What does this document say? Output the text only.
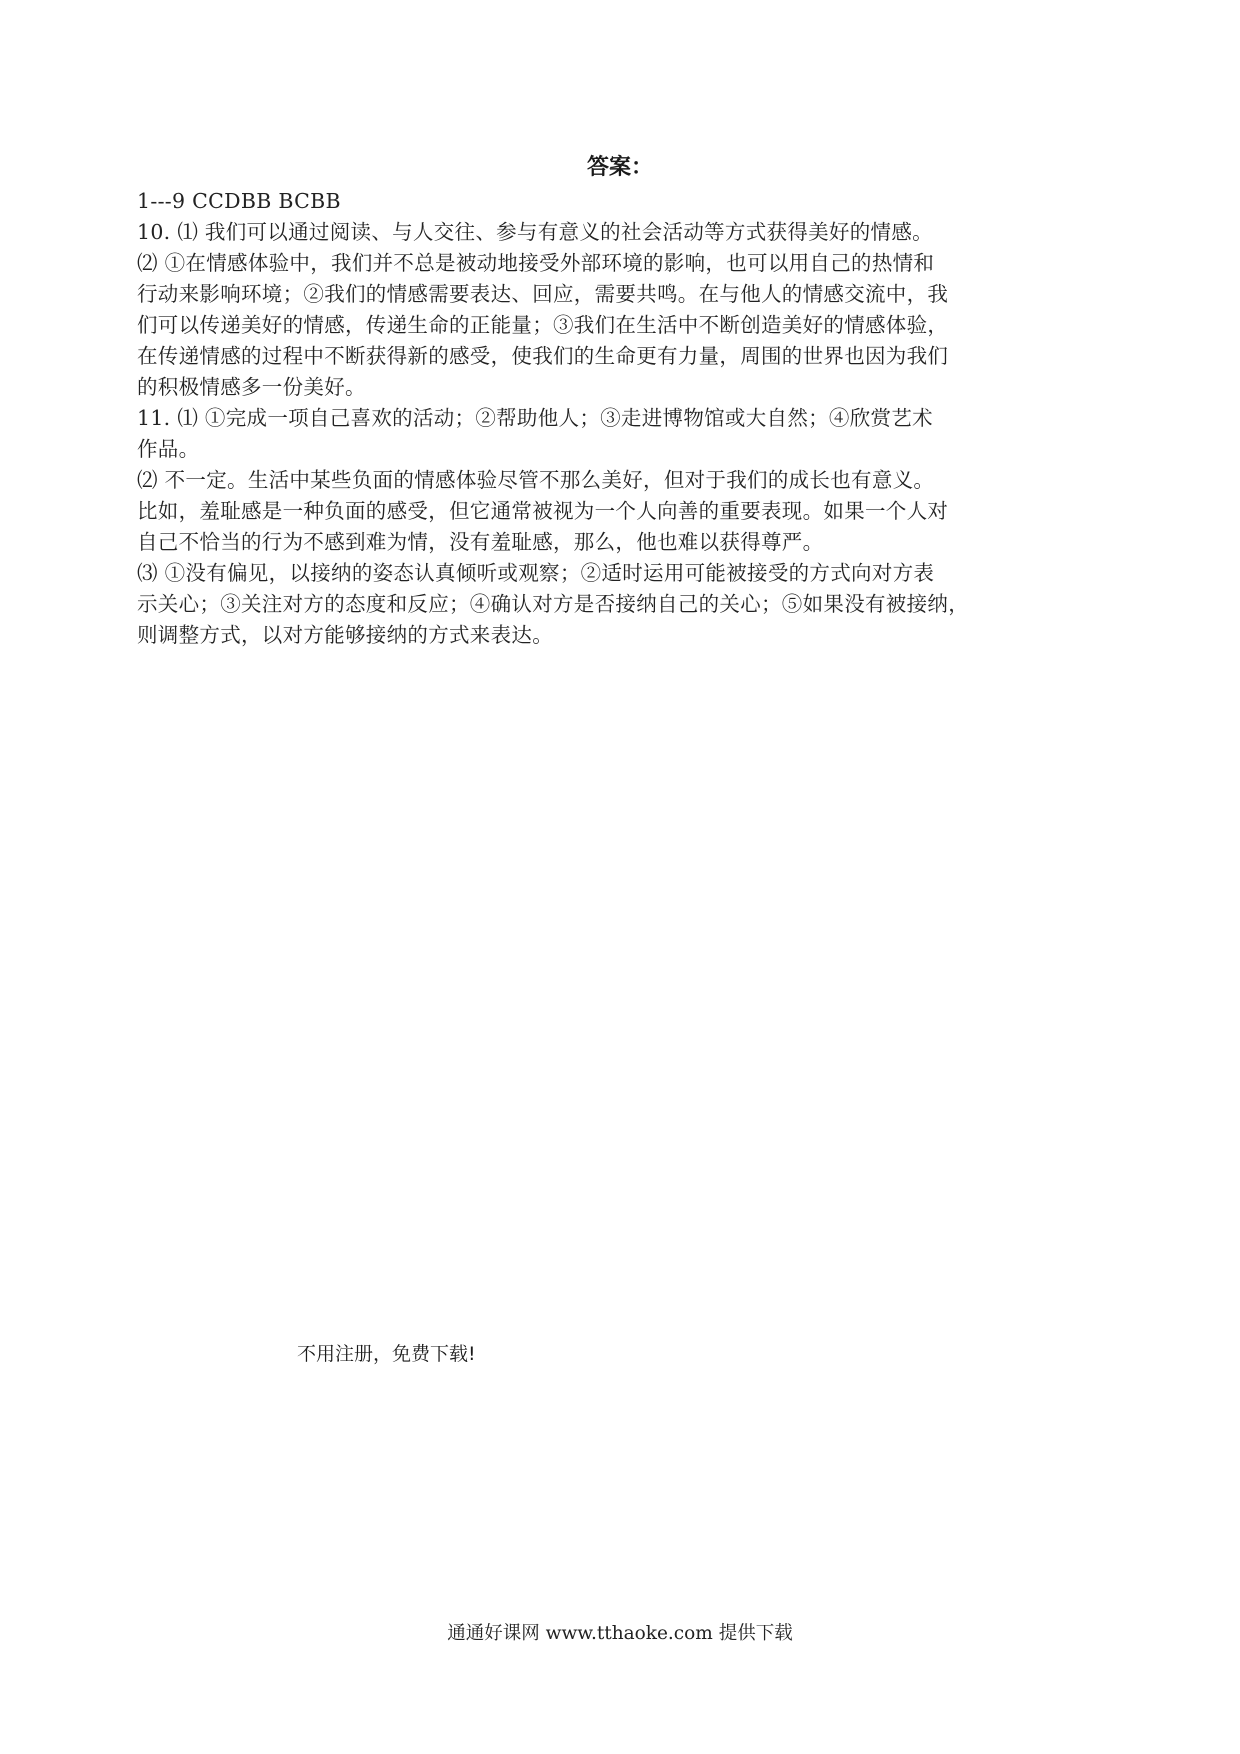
答案：
1---9 CCDBB BCBB
10. ⑴ 我们可以通过阅读、与人交往、参与有意义的社会活动等方式获得美好的情感。
⑵ ①在情感体验中，我们并不总是被动地接受外部环境的影响，也可以用自己的热情和
行动来影响环境；②我们的情感需要表达、回应，需要共鸣。在与他人的情感交流中，我
们可以传递美好的情感，传递生命的正能量；③我们在生活中不断创造美好的情感体验，
在传递情感的过程中不断获得新的感受，使我们的生命更有力量，周围的世界也因为我们
的积极情感多一份美好。
11. ⑴ ①完成一项自己喜欢的活动；②帮助他人；③走进博物馆或大自然；④欣赏艺术
作品。
⑵ 不一定。生活中某些负面的情感体验尽管不那么美好，但对于我们的成长也有意义。
比如，羞耻感是一种负面的感受，但它通常被视为一个人向善的重要表现。如果一个人对
自己不恰当的行为不感到难为情，没有羞耻感，那么，他也难以获得尊严。
⑶ ①没有偏见，以接纳的姿态认真倾听或观察；②适时运用可能被接受的方式向对方表
示关心；③关注对方的态度和反应；④确认对方是否接纳自己的关心；⑤如果没有被接纳，
则调整方式，以对方能够接纳的方式来表达。
不用注册，免费下载!
通通好课网 www.tthaoke.com 提供下载
